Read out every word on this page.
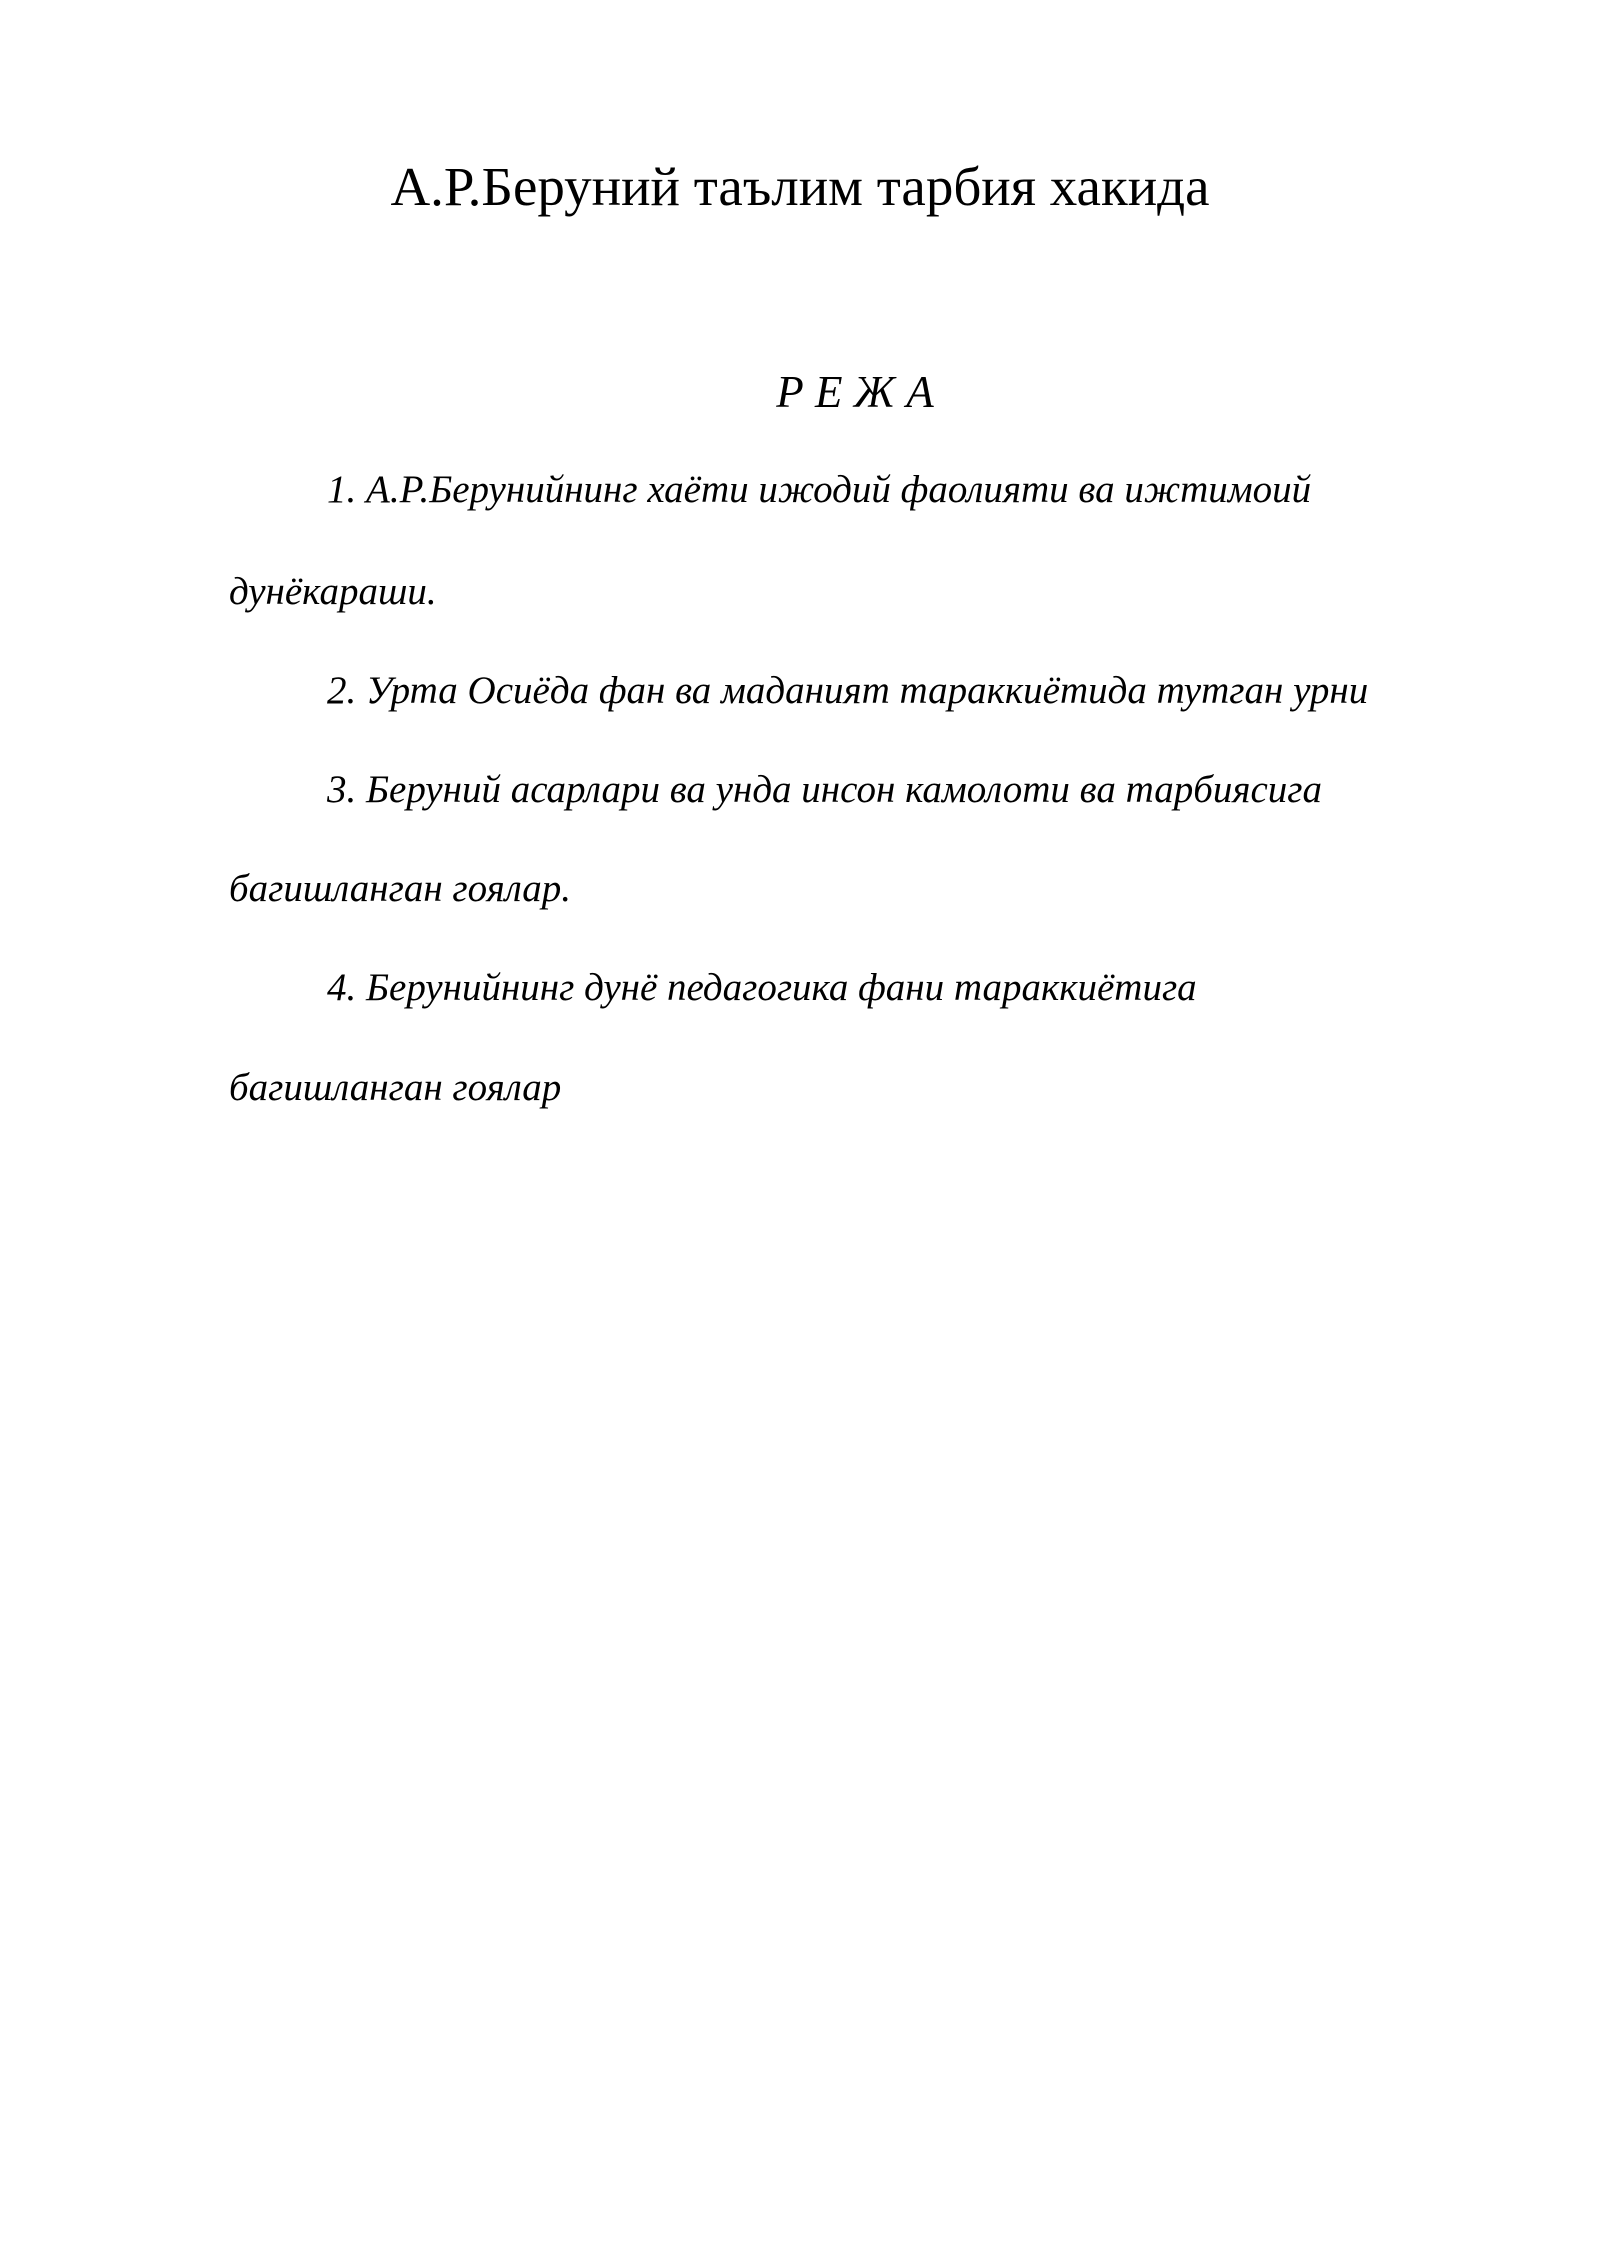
А.Р.Беруний таълим тарбия хакида
Р Е Ж А

1. А.Р.Берунийнинг хаёти ижодий фаолияти ва ижтимоий

дунёкараши.

2. Урта Осиёда фан ва маданият тараккиётида тутган урни

3. Беруний асарлари ва унда инсон камолоти ва тарбиясига

багишланган гоялар.

4. Берунийнинг дунё педагогика фани тараккиётига

багишланган гоялар
